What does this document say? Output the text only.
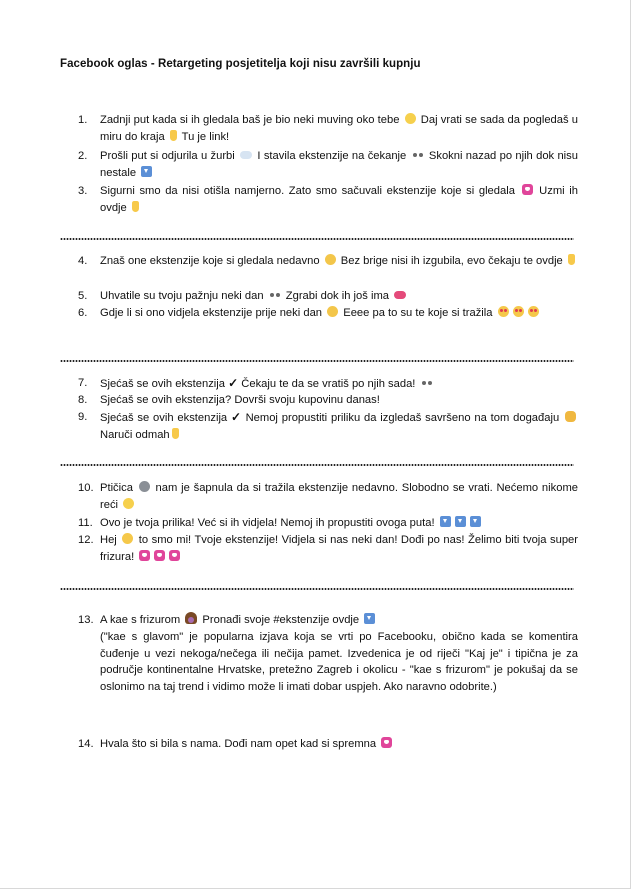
Facebook oglas - Retargeting posjetitelja koji nisu završili kupnju
1. Zadnji put kada si ih gledala baš je bio neki muving oko tebe  Daj vrati se sada da pogledaš u miru do kraja  Tu je link!
2. Prošli put si odjurila u žurbi  I stavila ekstenzije na čekanje  Skokni nazad po njih dok nisu nestale
3. Sigurni smo da nisi otišla namjerno. Zato smo sačuvali ekstenzije koje si gledala  Uzmi ih ovdje
4. Znaš one ekstenzije koje si gledala nedavno  Bez brige nisi ih izgubila, evo čekaju te ovdje
5. Uhvatile su tvoju pažnju neki dan  Zgrabi dok ih još ima
6. Gdje li si ono vidjela ekstenzije prije neki dan  Eeee pa to su te koje si tražila
7. Sjećaš se ovih ekstenzija ✓ Čekaju te da se vratiš po njih sada!
8. Sjećaš se ovih ekstenzija? Dovrši svoju kupovinu danas!
9. Sjećaš se ovih ekstenzija ✓ Nemoj propustiti priliku da izgledaš savršeno na tom događaju  Naruči odmah
10. Ptičica  nam je šapnula da si tražila ekstenzije nedavno. Slobodno se vrati. Nećemo nikome reći
11. Ovo je tvoja prilika! Već si ih vidjela! Nemoj ih propustiti ovoga puta!
12. Hej  to smo mi! Tvoje ekstenzije! Vidjela si nas neki dan! Dođi po nas! Želimo biti tvoja super frizura!
13. A kae s frizurom  Pronađi svoje #ekstenzije ovdje
("kae s glavom" je popularna izjava koja se vrti po Facebooku, obično kada se komentira čuđenje u vezi nekoga/nečega ili nečija pamet. Izvedenica je od riječi "Kaj je" i tipična je za područje kontinentalne Hrvatske, pretežno Zagreb i okolicu - "kae s frizurom" je pokušaj da se oslonimo na taj trend i vidimo može li imati dobar uspjeh. Ako naravno odobrite.)
14. Hvala što si bila s nama. Dođi nam opet kad si spremna
